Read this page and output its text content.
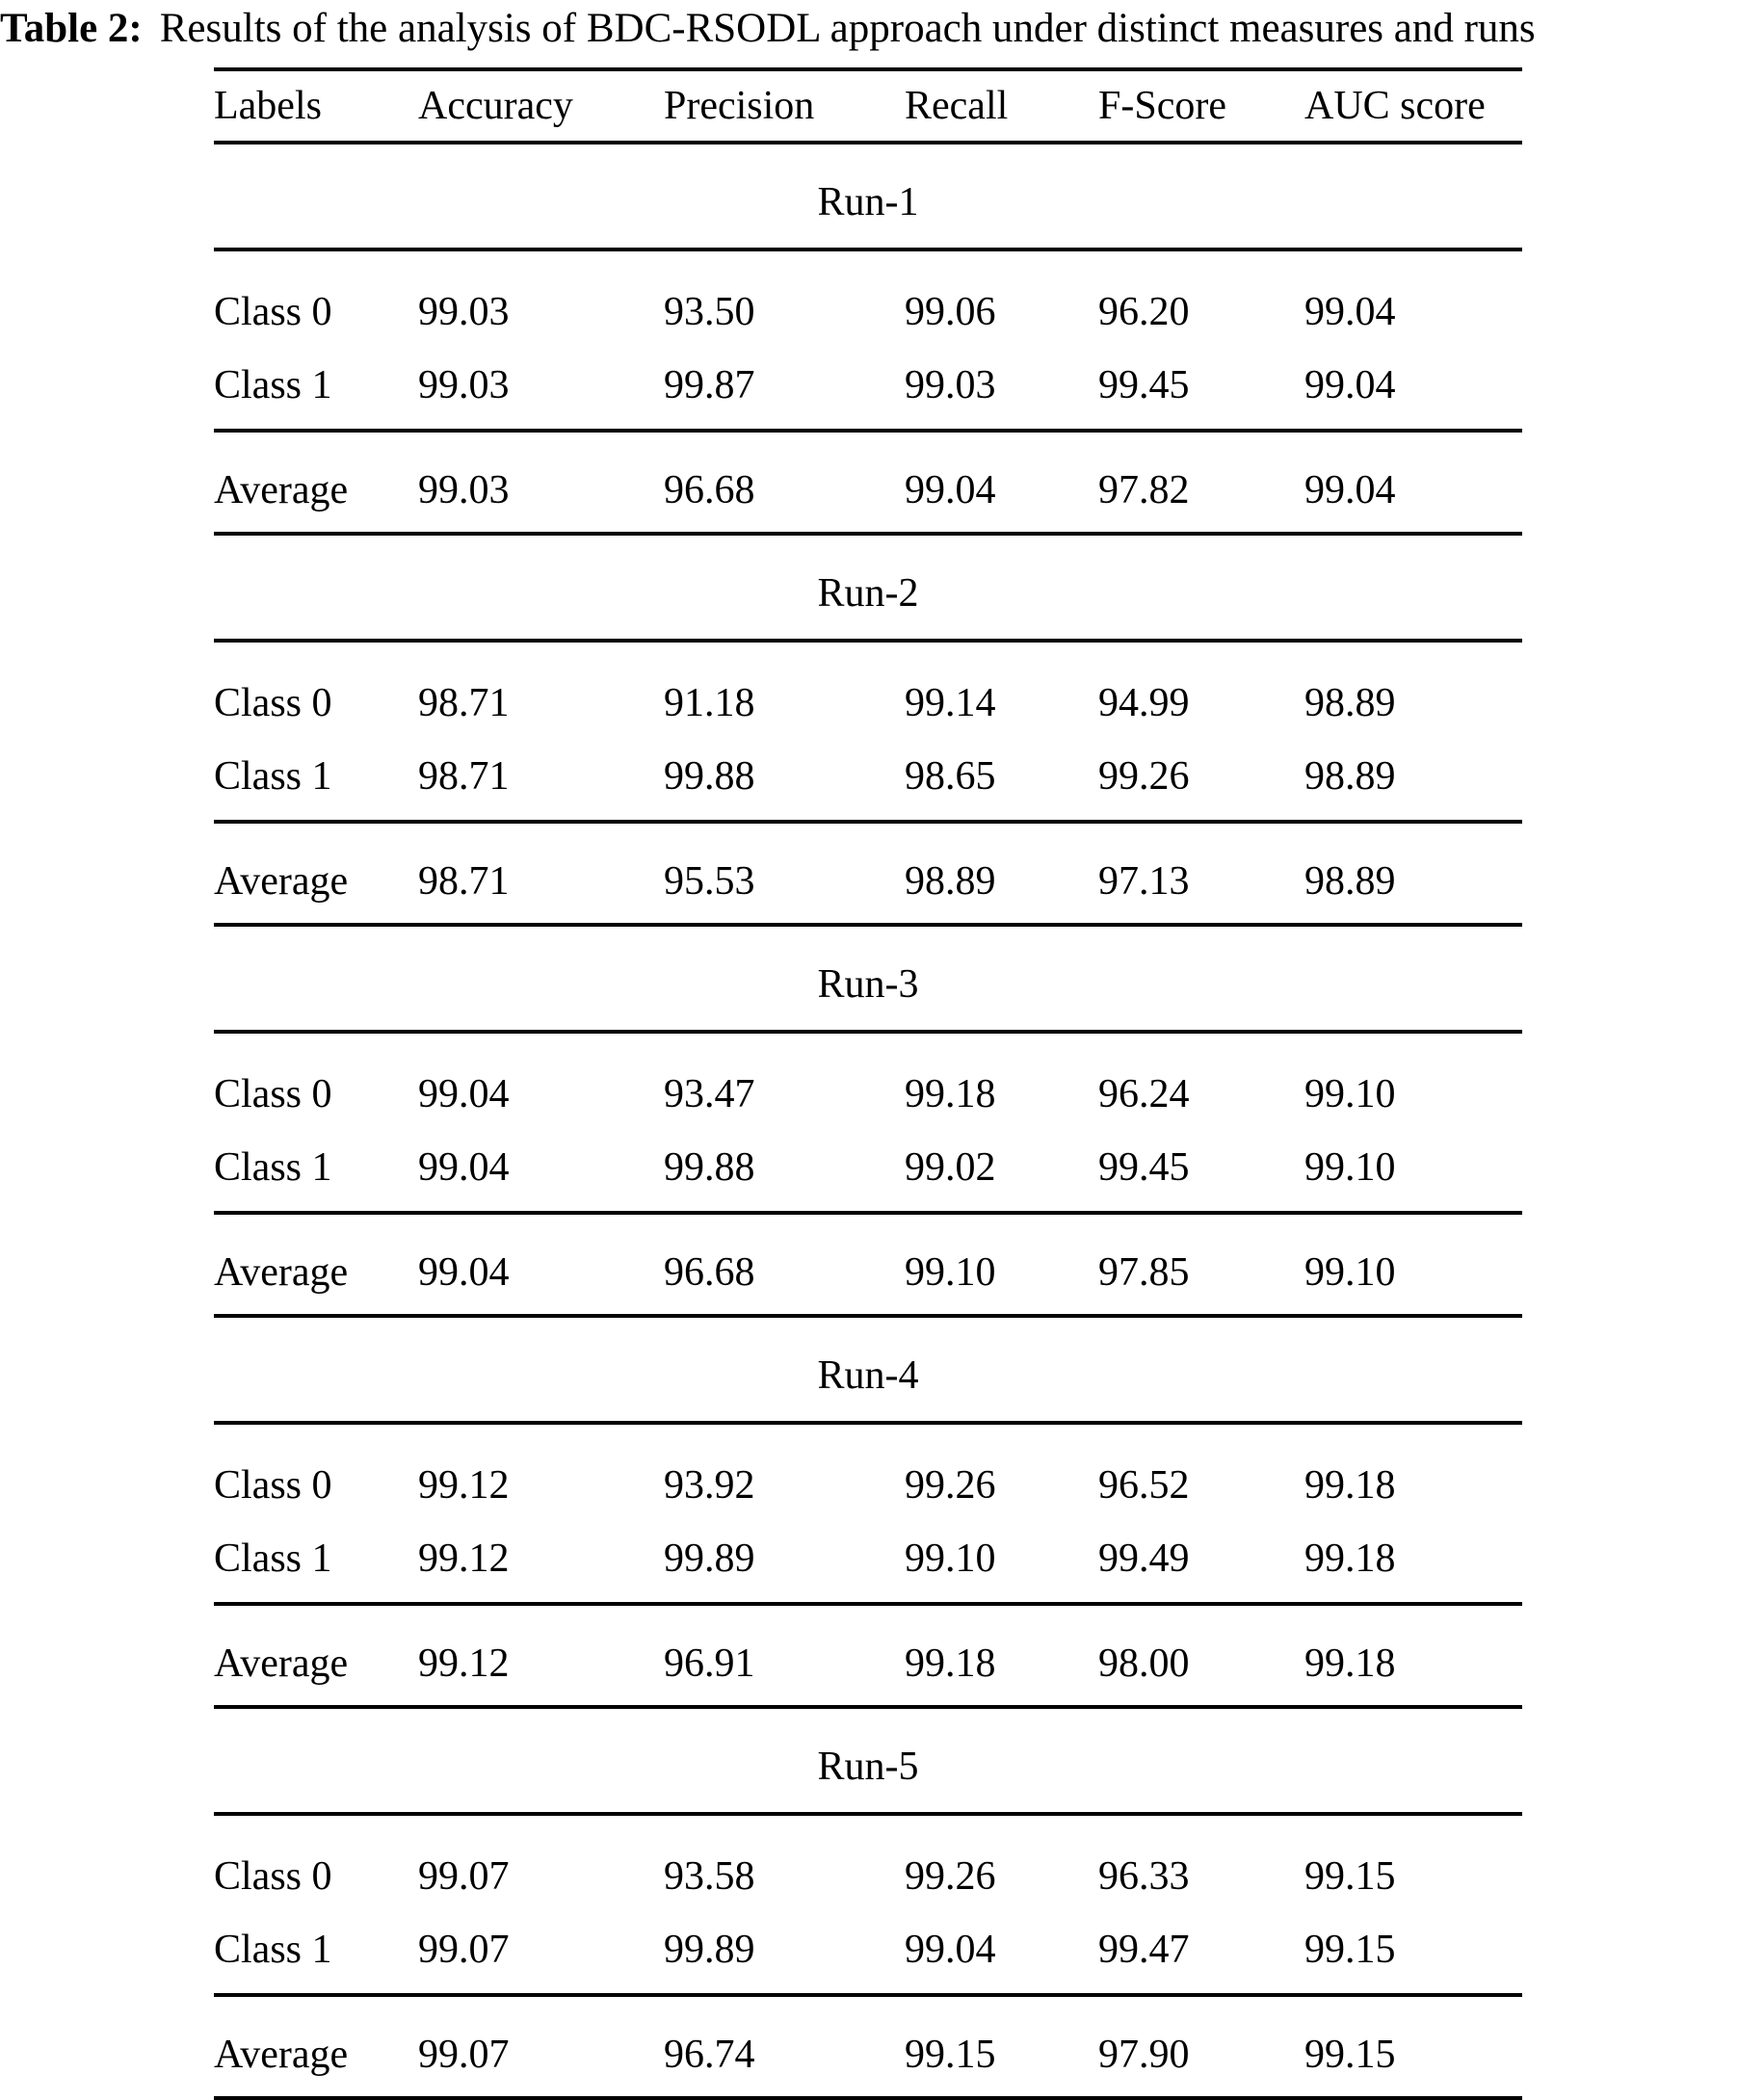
Table 2: Results of the analysis of BDC-RSODL approach under distinct measures and runs
Labels	Accuracy	Precision	Recall	F-Score	AUC score
Run-1					
Class 0	99.03	93.50	99.06	96.20	99.04
Class 1	99.03	99.87	99.03	99.45	99.04
Average	99.03	96.68	99.04	97.82	99.04
Run-2					
Class 0	98.71	91.18	99.14	94.99	98.89
Class 1	98.71	99.88	98.65	99.26	98.89
Average	98.71	95.53	98.89	97.13	98.89
Run-3					
Class 0	99.04	93.47	99.18	96.24	99.10
Class 1	99.04	99.88	99.02	99.45	99.10
Average	99.04	96.68	99.10	97.85	99.10
Run-4					
Class 0	99.12	93.92	99.26	96.52	99.18
Class 1	99.12	99.89	99.10	99.49	99.18
Average	99.12	96.91	99.18	98.00	99.18
Run-5					
Class 0	99.07	93.58	99.26	96.33	99.15
Class 1	99.07	99.89	99.04	99.47	99.15
Average	99.07	96.74	99.15	97.90	99.15
